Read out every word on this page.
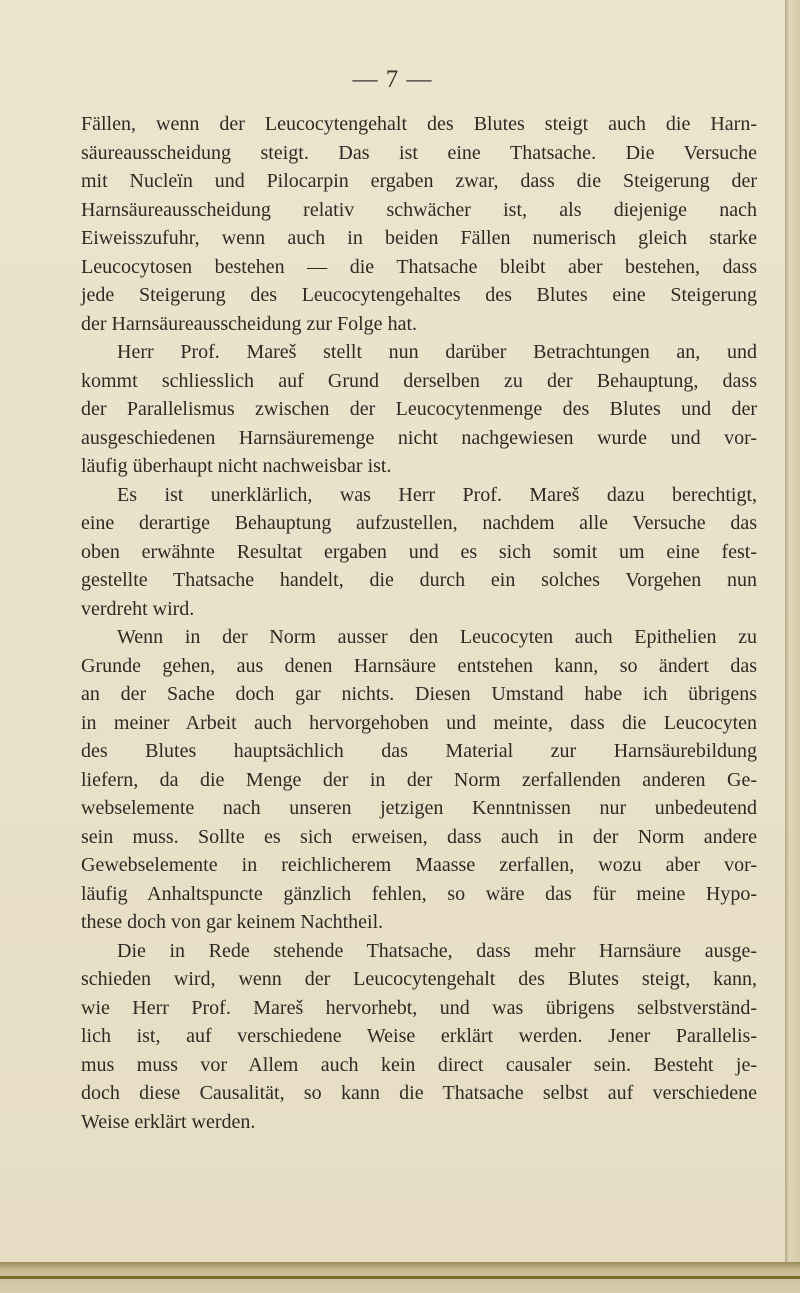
— 7 —
Fällen, wenn der Leucocytengehalt des Blutes steigt auch die Harn-
säureausscheidung steigt. Das ist eine Thatsache. Die Versuche
mit Nucleïn und Pilocarpin ergaben zwar, dass die Steigerung der
Harnsäureausscheidung relativ schwächer ist, als diejenige nach
Eiweisszufuhr, wenn auch in beiden Fällen numerisch gleich starke
Leucocytosen bestehen — die Thatsache bleibt aber bestehen, dass
jede Steigerung des Leucocytengehaltes des Blutes eine Steigerung
der Harnsäureausscheidung zur Folge hat.
Herr Prof. Mareš stellt nun darüber Betrachtungen an, und
kommt schliesslich auf Grund derselben zu der Behauptung, dass
der Parallelismus zwischen der Leucocytenmenge des Blutes und der
ausgeschiedenen Harnsäuremenge nicht nachgewiesen wurde und vor-
läufig überhaupt nicht nachweisbar ist.
Es ist unerklärlich, was Herr Prof. Mareš dazu berechtigt,
eine derartige Behauptung aufzustellen, nachdem alle Versuche das
oben erwähnte Resultat ergaben und es sich somit um eine fest-
gestellte Thatsache handelt, die durch ein solches Vorgehen nun
verdreht wird.
Wenn in der Norm ausser den Leucocyten auch Epithelien zu
Grunde gehen, aus denen Harnsäure entstehen kann, so ändert das
an der Sache doch gar nichts. Diesen Umstand habe ich übrigens
in meiner Arbeit auch hervorgehoben und meinte, dass die Leucocyten
des Blutes hauptsächlich das Material zur Harnsäurebildung
liefern, da die Menge der in der Norm zerfallenden anderen Ge-
webselemente nach unseren jetzigen Kenntnissen nur unbedeutend
sein muss. Sollte es sich erweisen, dass auch in der Norm andere
Gewebselemente in reichlicherem Maasse zerfallen, wozu aber vor-
läufig Anhaltspuncte gänzlich fehlen, so wäre das für meine Hypo-
these doch von gar keinem Nachtheil.
Die in Rede stehende Thatsache, dass mehr Harnsäure ausge-
schieden wird, wenn der Leucocytengehalt des Blutes steigt, kann,
wie Herr Prof. Mareš hervorhebt, und was übrigens selbstverständ-
lich ist, auf verschiedene Weise erklärt werden. Jener Parallelis-
mus muss vor Allem auch kein direct causaler sein. Besteht je-
doch diese Causalität, so kann die Thatsache selbst auf verschiedene
Weise erklärt werden.
